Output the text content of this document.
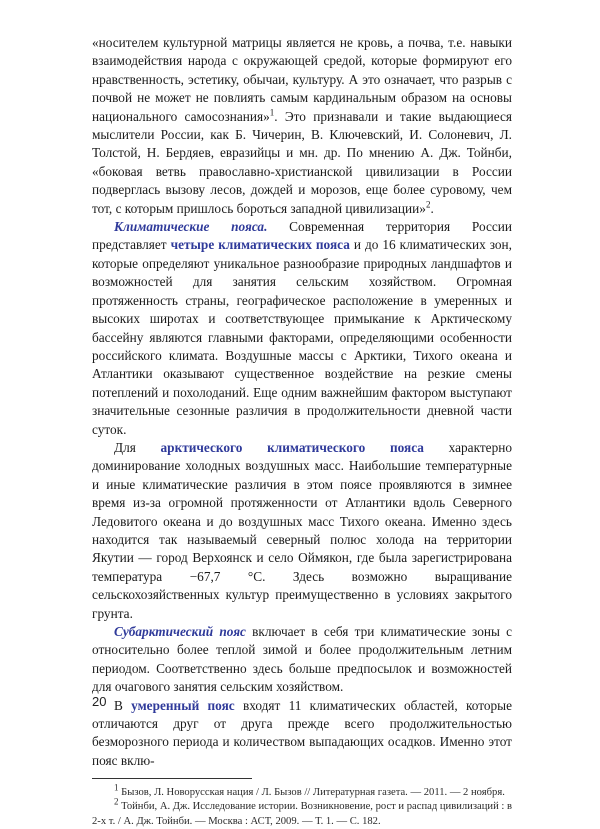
«носителем культурной матрицы является не кровь, а почва, т.е. навыки взаимодействия народа с окружающей средой, которые формируют его нравственность, эстетику, обычаи, культуру. А это означает, что разрыв с почвой не может не повлиять самым кардинальным образом на основы национального самосознания»$^1$. Это признавали и такие выдающиеся мыслители России, как Б. Чичерин, В. Ключевский, И. Солоневич, Л. Толстой, Н. Бердяев, евразийцы и мн. др. По мнению А. Дж. Тойнби, «боковая ветвь православно-христианской цивилизации в России подверглась вызову лесов, дождей и морозов, еще более суровому, чем тот, с которым пришлось бороться западной цивилизации»$^2$.

Климатические пояса. Современная территория России представляет четыре климатических пояса и до 16 климатических зон, которые определяют уникальное разнообразие природных ландшафтов и возможностей для занятия сельским хозяйством. Огромная протяженность страны, географическое расположение в умеренных и высоких широтах и соответствующее примыкание к Арктическому бассейну являются главными факторами, определяющими особенности российского климата. Воздушные массы с Арктики, Тихого океана и Атлантики оказывают существенное воздействие на резкие смены потеплений и похолоданий. Еще одним важнейшим фактором выступают значительные сезонные различия в продолжительности дневной части суток.

Для арктического климатического пояса характерно доминирование холодных воздушных масс. Наибольшие температурные и иные климатические различия в этом поясе проявляются в зимнее время из-за огромной протяженности от Атлантики вдоль Северного Ледовитого океана и до воздушных масс Тихого океана. Именно здесь находится так называемый северный полюс холода на территории Якутии — город Верхоянск и село Оймякон, где была зарегистрирована температура −67,7 °С. Здесь возможно выращивание сельскохозяйственных культур преимущественно в условиях закрытого грунта.

Субарктический пояс включает в себя три климатические зоны с относительно более теплой зимой и более продолжительным летним периодом. Соответственно здесь больше предпосылок и возможностей для очагового занятия сельским хозяйством.

В умеренный пояс входят 11 климатических областей, которые отличаются друг от друга прежде всего продолжительностью безморозного периода и количеством выпадающих осадков. Именно этот пояс вклю-

$^1$ Бызов, Л. Новорусская нация / Л. Бызов // Литературная газета. — 2011. — 2 ноября.

$^2$ Тойнби, А. Дж. Исследование истории. Возникновение, рост и распад цивилизаций : в 2-х т. / А. Дж. Тойнби. — Москва : АСТ, 2009. — Т. 1. — С. 182.

20
